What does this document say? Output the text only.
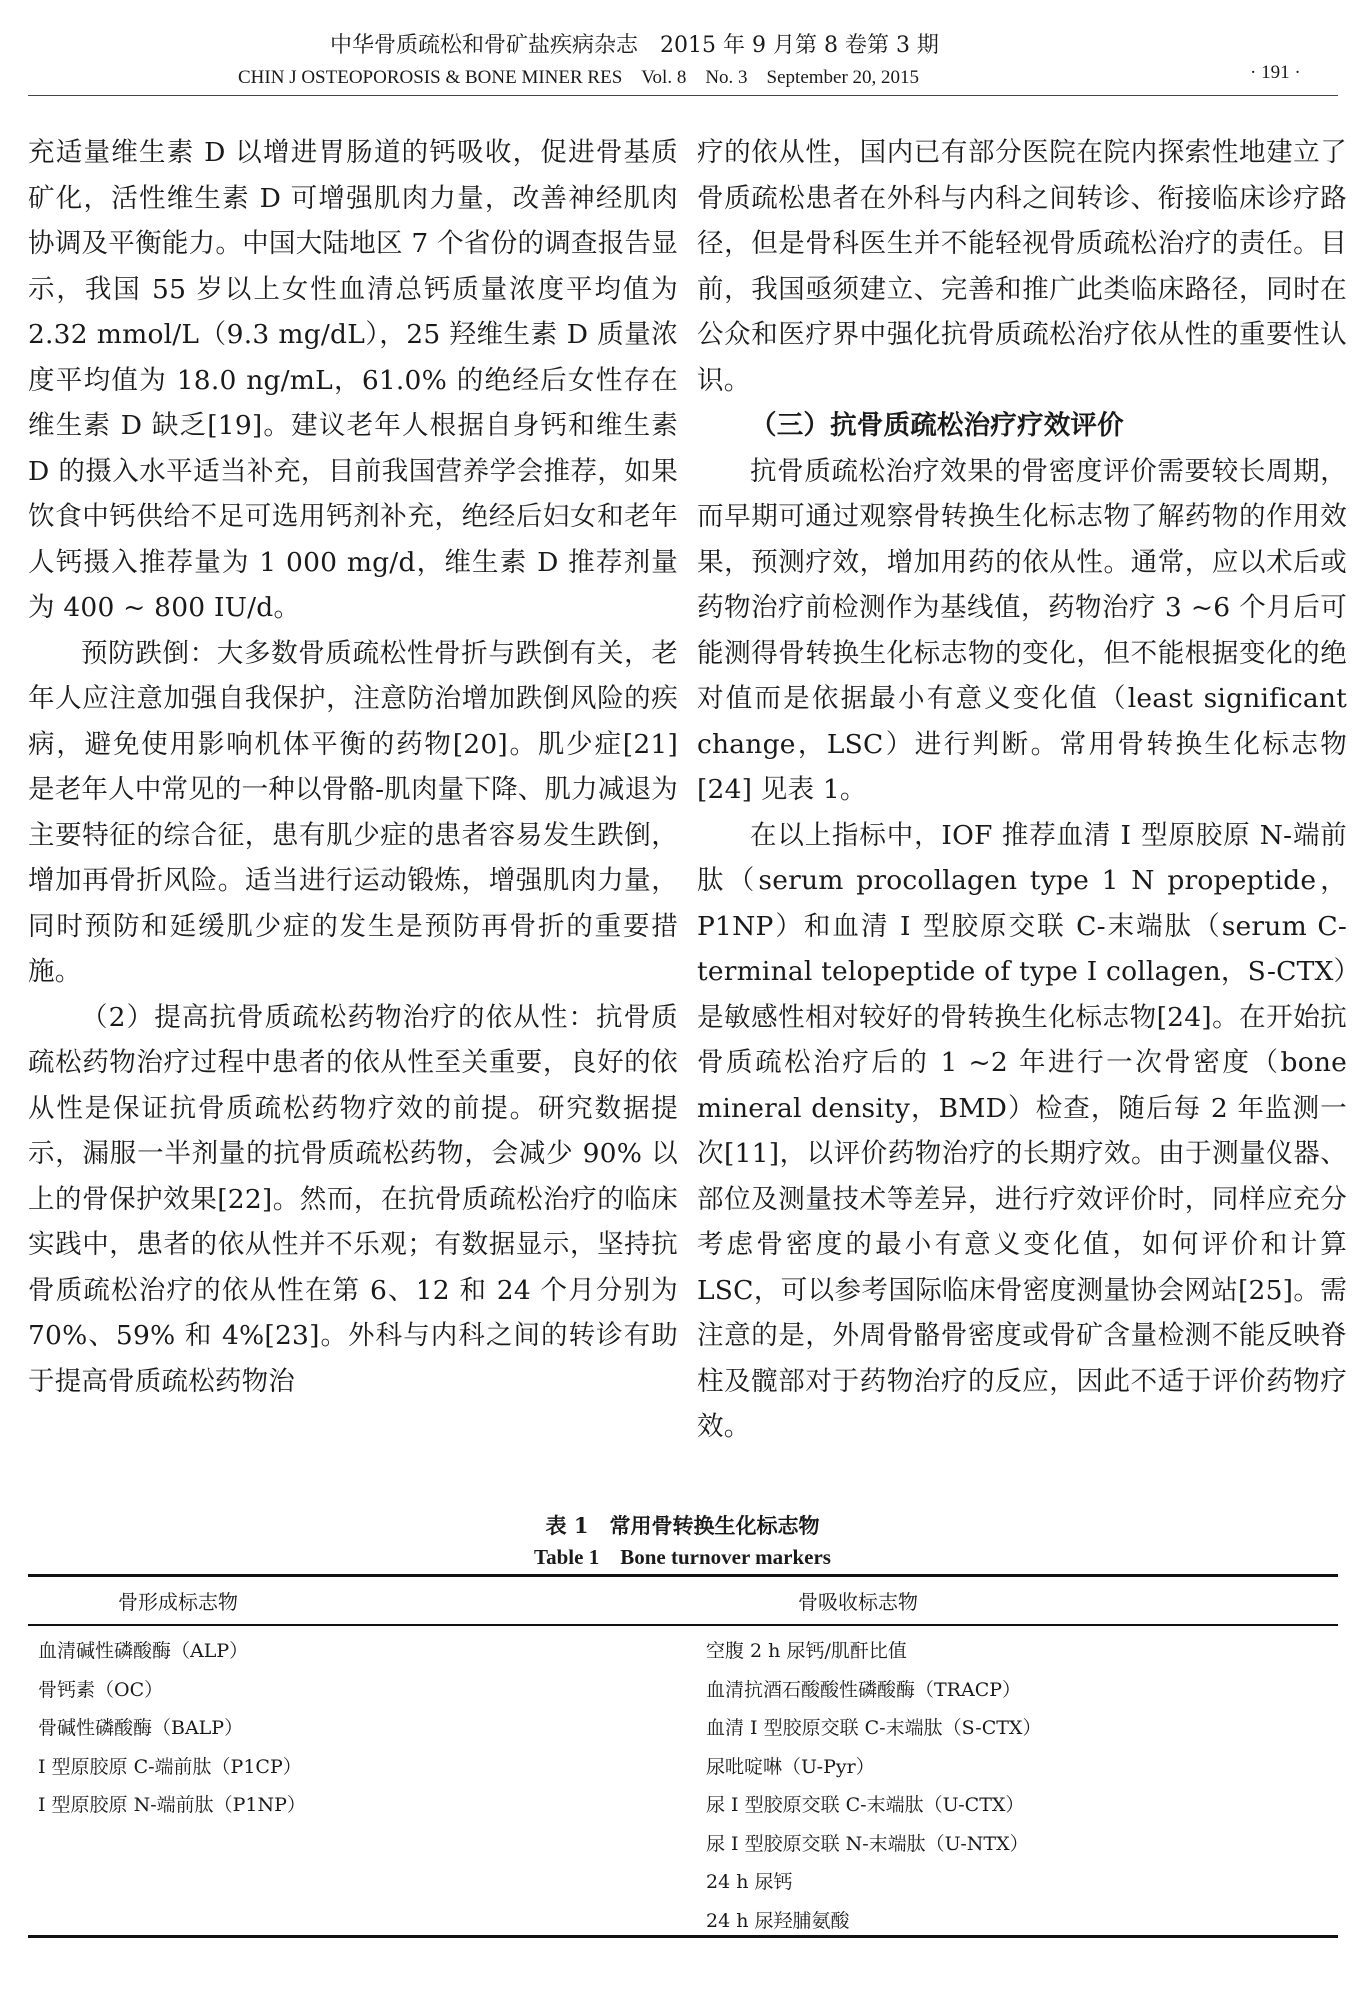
中华骨质疏松和骨矿盐疾病杂志　2015 年 9 月第 8 卷第 3 期
CHIN J OSTEOPOROSIS & BONE MINER RES　Vol. 8　No. 3　September 20, 2015	· 191 ·

充适量维生素 D 以增进胃肠道的钙吸收，促进骨基质矿化，活性维生素 D 可增强肌肉力量，改善神经肌肉协调及平衡能力。中国大陆地区 7 个省份的调查报告显示，我国 55 岁以上女性血清总钙质量浓度平均值为 2.32 mmol/L（9.3 mg/dL），25 羟维生素 D 质量浓度平均值为 18.0 ng/mL，61.0% 的绝经后女性存在维生素 D 缺乏[19]。建议老年人根据自身钙和维生素 D 的摄入水平适当补充，目前我国营养学会推荐，如果饮食中钙供给不足可选用钙剂补充，绝经后妇女和老年人钙摄入推荐量为 1 000 mg/d，维生素 D 推荐剂量为 400 ~ 800 IU/d。

预防跌倒：大多数骨质疏松性骨折与跌倒有关，老年人应注意加强自我保护，注意防治增加跌倒风险的疾病，避免使用影响机体平衡的药物[20]。肌少症[21] 是老年人中常见的一种以骨骼-肌肉量下降、肌力减退为主要特征的综合征，患有肌少症的患者容易发生跌倒，增加再骨折风险。适当进行运动锻炼，增强肌肉力量，同时预防和延缓肌少症的发生是预防再骨折的重要措施。

（2）提高抗骨质疏松药物治疗的依从性：抗骨质疏松药物治疗过程中患者的依从性至关重要，良好的依从性是保证抗骨质疏松药物疗效的前提。研究数据提示，漏服一半剂量的抗骨质疏松药物，会减少 90% 以上的骨保护效果[22]。然而，在抗骨质疏松治疗的临床实践中，患者的依从性并不乐观；有数据显示，坚持抗骨质疏松治疗的依从性在第 6、12 和 24 个月分别为 70%、59% 和 4%[23]。外科与内科之间的转诊有助于提高骨质疏松药物治

疗的依从性，国内已有部分医院在院内探索性地建立了骨质疏松患者在外科与内科之间转诊、衔接临床诊疗路径，但是骨科医生并不能轻视骨质疏松治疗的责任。目前，我国亟须建立、完善和推广此类临床路径，同时在公众和医疗界中强化抗骨质疏松治疗依从性的重要性认识。

（三）抗骨质疏松治疗疗效评价

抗骨质疏松治疗效果的骨密度评价需要较长周期，而早期可通过观察骨转换生化标志物了解药物的作用效果，预测疗效，增加用药的依从性。通常，应以术后或药物治疗前检测作为基线值，药物治疗 3 ~6 个月后可能测得骨转换生化标志物的变化，但不能根据变化的绝对值而是依据最小有意义变化值（least significant change，LSC）进行判断。常用骨转换生化标志物[24] 见表 1。

在以上指标中，IOF 推荐血清 Ⅰ 型原胶原 N-端前肽（serum procollagen type 1 N propeptide，P1NP）和血清 Ⅰ 型胶原交联 C-末端肽（serum C-terminal telopeptide of type Ⅰ collagen，S-CTX）是敏感性相对较好的骨转换生化标志物[24]。在开始抗骨质疏松治疗后的 1 ~2 年进行一次骨密度（bone mineral density，BMD）检查，随后每 2 年监测一次[11]，以评价药物治疗的长期疗效。由于测量仪器、部位及测量技术等差异，进行疗效评价时，同样应充分考虑骨密度的最小有意义变化值，如何评价和计算 LSC，可以参考国际临床骨密度测量协会网站[25]。需注意的是，外周骨骼骨密度或骨矿含量检测不能反映脊柱及髋部对于药物治疗的反应，因此不适于评价药物疗效。

表 1　常用骨转换生化标志物
Table 1　Bone turnover markers
骨形成标志物	骨吸收标志物
血清碱性磷酸酶（ALP）
骨钙素（OC）
骨碱性磷酸酶（BALP）
Ⅰ 型原胶原 C-端前肽（P1CP）
Ⅰ 型原胶原 N-端前肽（P1NP）
空腹 2 h 尿钙/肌酐比值
血清抗酒石酸酸性磷酸酶（TRACP）
血清 Ⅰ 型胶原交联 C-末端肽（S-CTX）
尿吡啶啉（U-Pyr）
尿 Ⅰ 型胶原交联 C-末端肽（U-CTX）
尿 Ⅰ 型胶原交联 N-末端肽（U-NTX）
24 h 尿钙
24 h 尿羟脯氨酸
